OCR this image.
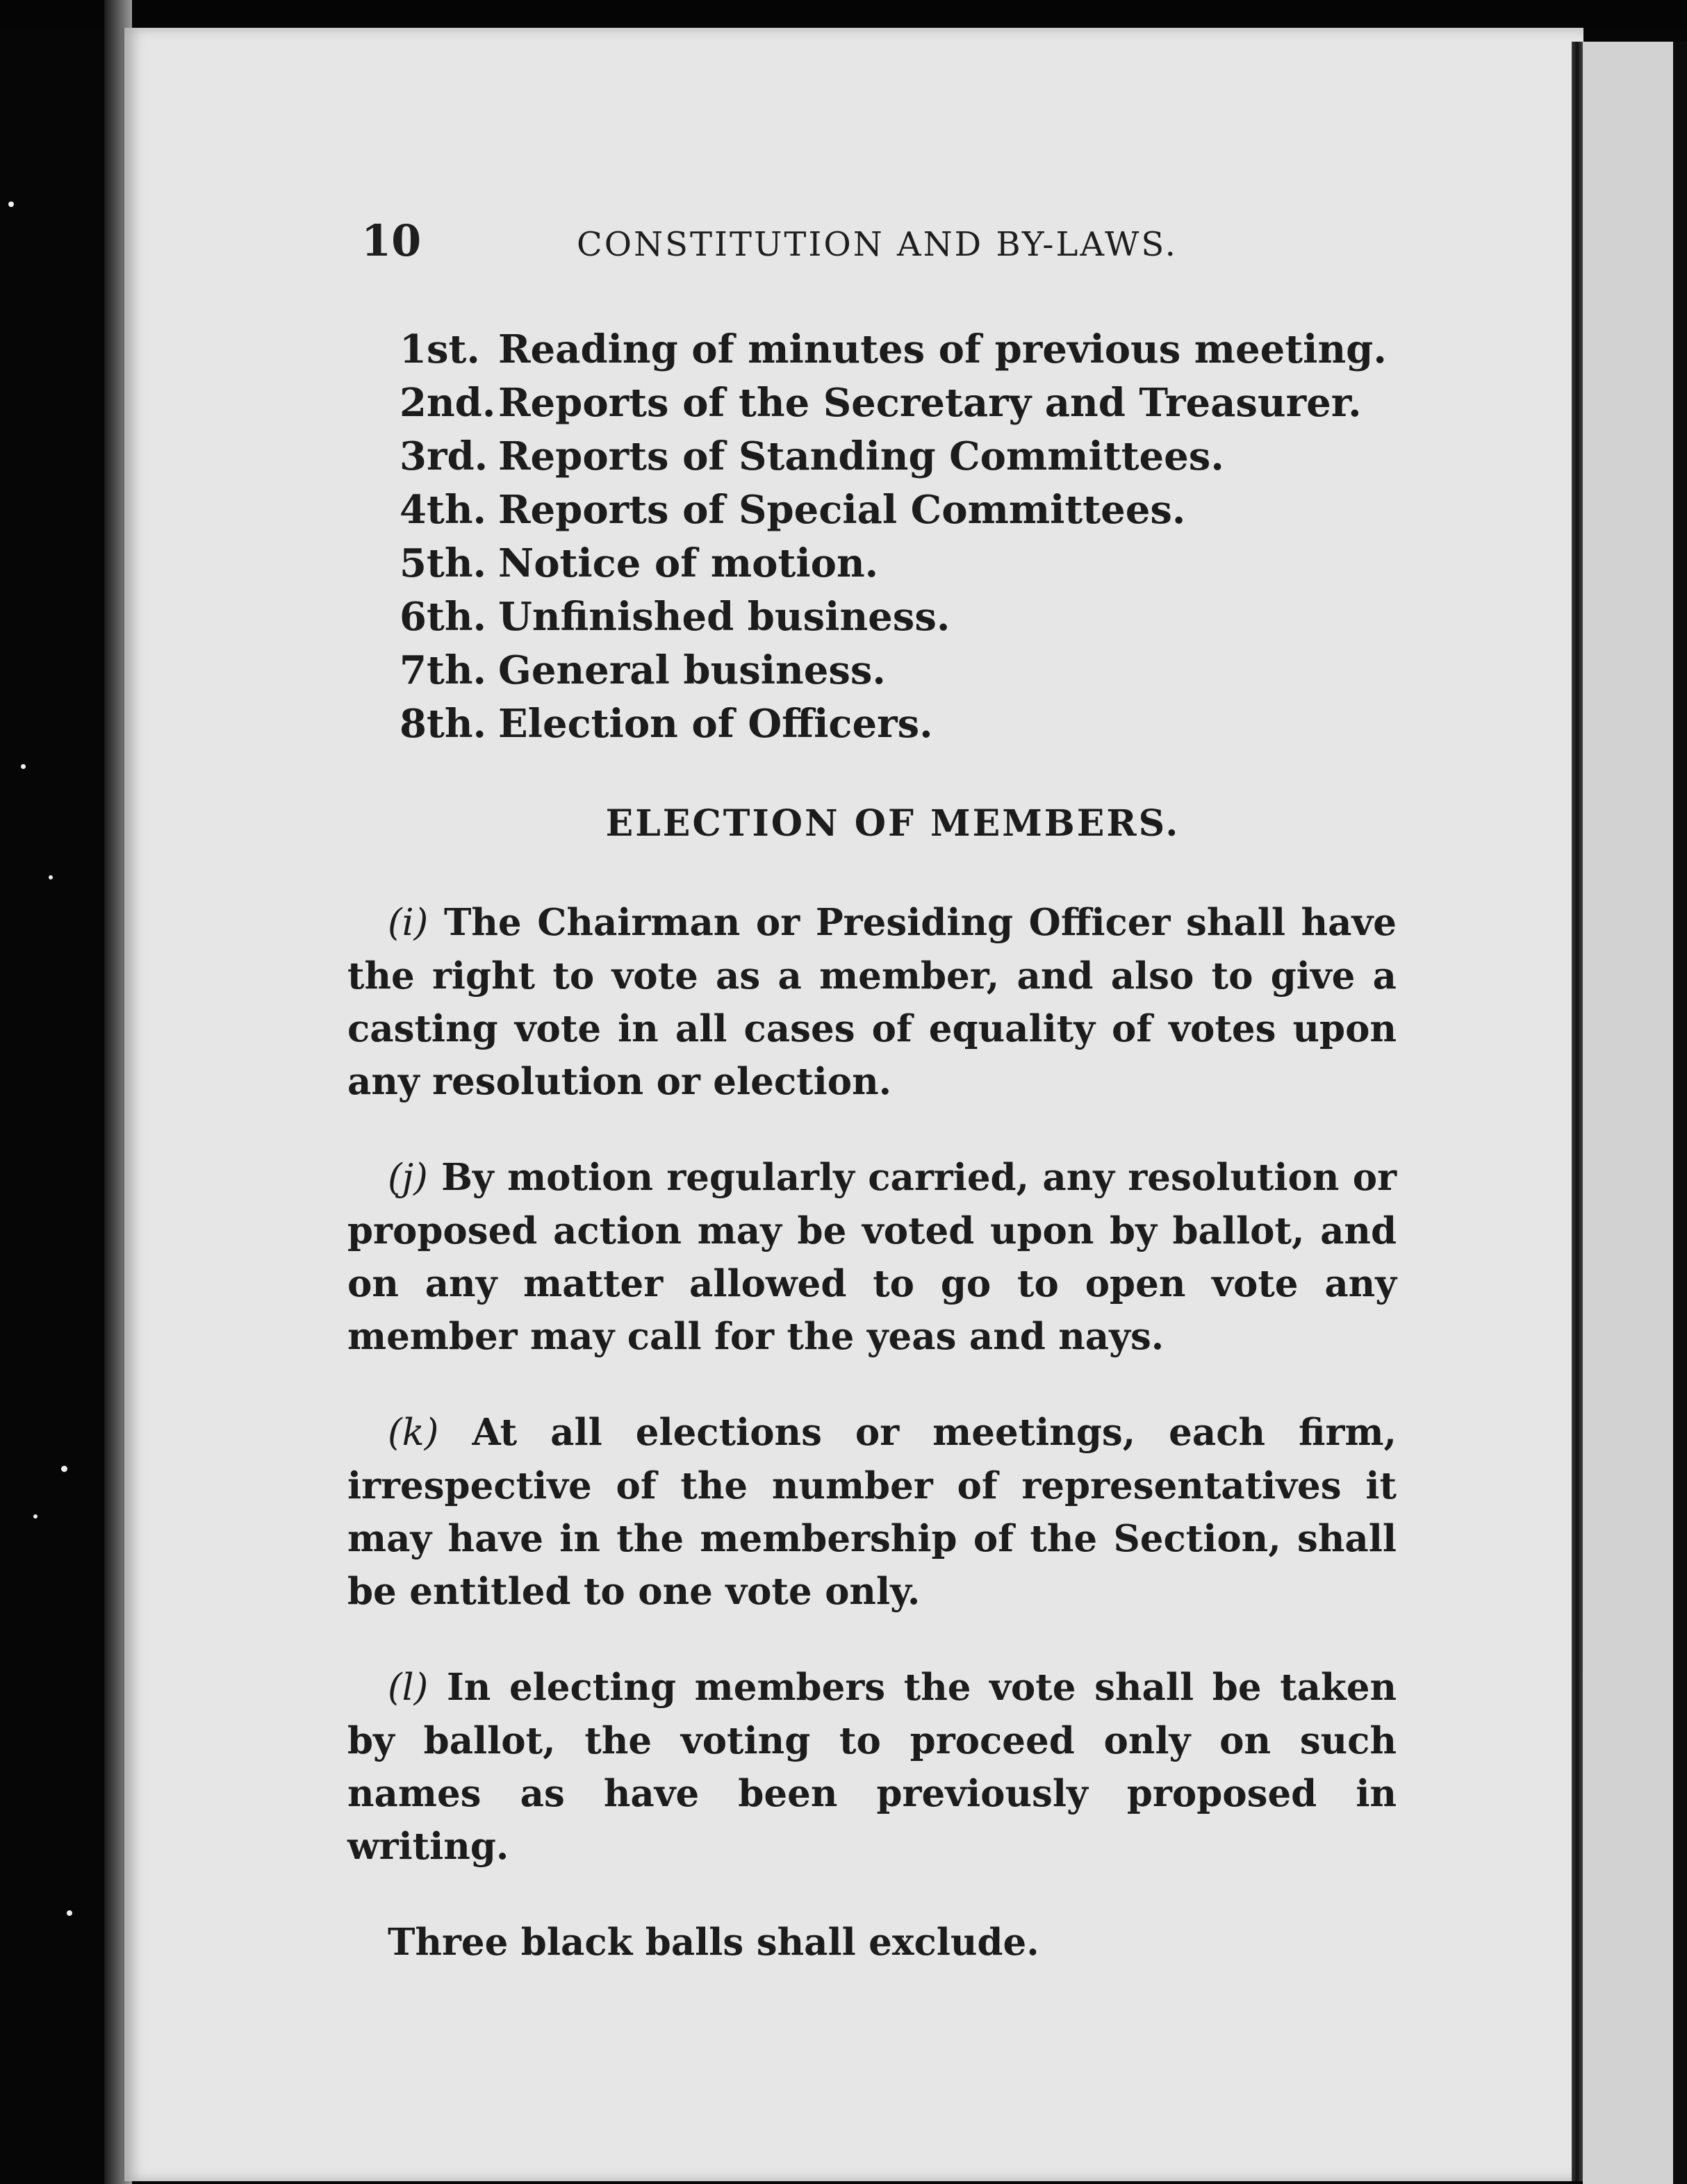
10	CONSTITUTION AND BY-LAWS.
1st. Reading of minutes of previous meeting.
2nd. Reports of the Secretary and Treasurer.
3rd. Reports of Standing Committees.
4th. Reports of Special Committees.
5th. Notice of motion.
6th. Unfinished business.
7th. General business.
8th. Election of Officers.
ELECTION OF MEMBERS.

(i) The Chairman or Presiding Officer shall have the right to vote as a member, and also to give a casting vote in all cases of equality of votes upon any resolution or election.

(j) By motion regularly carried, any resolution or proposed action may be voted upon by ballot, and on any matter allowed to go to open vote any member may call for the yeas and nays.

(k) At all elections or meetings, each firm, irrespective of the number of representatives it may have in the membership of the Section, shall be entitled to one vote only.

(l) In electing members the vote shall be taken by ballot, the voting to proceed only on such names as have been previously proposed in writing.

Three black balls shall exclude.
